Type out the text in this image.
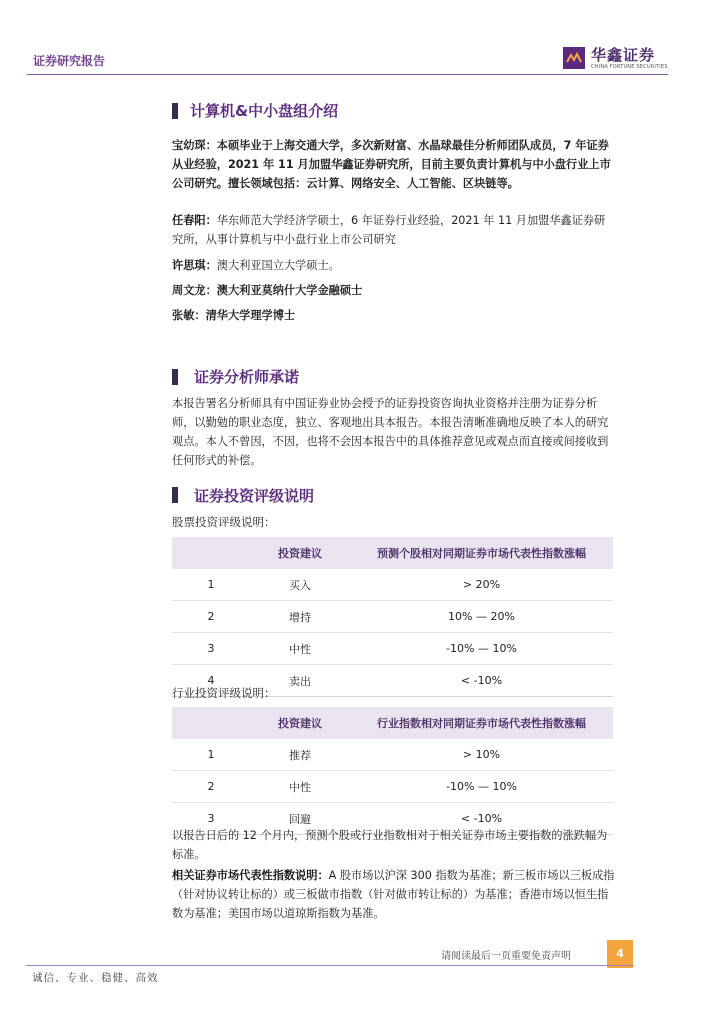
证券研究报告	华鑫证券
CHINA FORTUNE SECURITIES
计算机&中小盘组介绍
宝幼琛：本硕毕业于上海交通大学，多次新财富、水晶球最佳分析师团队成员，7 年证券从业经验，2021 年 11 月加盟华鑫证券研究所，目前主要负责计算机与中小盘行业上市公司研究。擅长领域包括：云计算、网络安全、人工智能、区块链等。
任春阳：华东师范大学经济学硕士，6 年证券行业经验，2021 年 11 月加盟华鑫证券研究所，从事计算机与中小盘行业上市公司研究
许思琪：澳大利亚国立大学硕士。
周文龙：澳大利亚莫纳什大学金融硕士
张敏：清华大学理学博士
证券分析师承诺
本报告署名分析师具有中国证券业协会授予的证券投资咨询执业资格并注册为证券分析师，以勤勉的职业态度，独立、客观地出具本报告。本报告清晰准确地反映了本人的研究观点。本人不曾因，不因，也将不会因本报告中的具体推荐意见或观点而直接或间接收到任何形式的补偿。
证券投资评级说明
股票投资评级说明：
	投资建议	预测个股相对同期证券市场代表性指数涨幅
1	买入	> 20%
2	增持	10% — 20%
3	中性	-10% — 10%
4	卖出	< -10%
行业投资评级说明：
	投资建议	行业指数相对同期证券市场代表性指数涨幅
1	推荐	> 10%
2	中性	-10% — 10%
3	回避	< -10%
以报告日后的 12 个月内，预测个股或行业指数相对于相关证券市场主要指数的涨跌幅为标准。
相关证券市场代表性指数说明：A 股市场以沪深 300 指数为基准；新三板市场以三板成指（针对协议转让标的）或三板做市指数（针对做市转让标的）为基准；香港市场以恒生指数为基准；美国市场以道琼斯指数为基准。
请阅读最后一页重要免责声明	4
诚信、专业、稳健、高效
